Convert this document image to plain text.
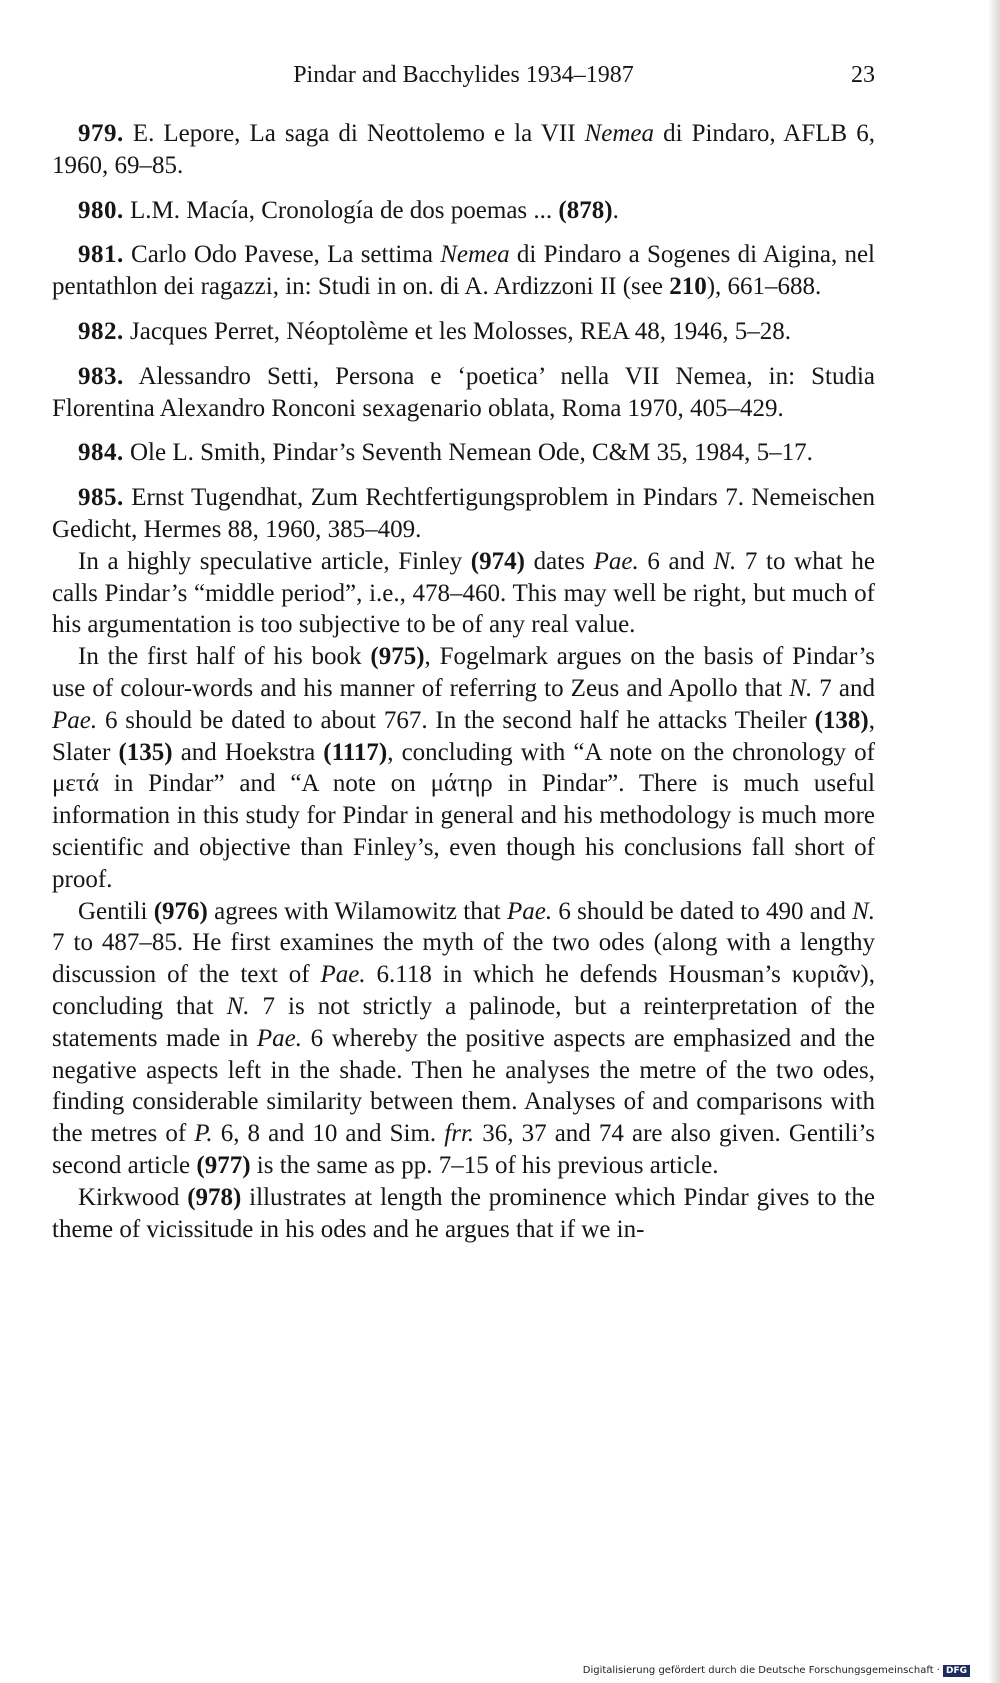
Pindar and Bacchylides 1934–1987	23

979. E. Lepore, La saga di Neottolemo e la VII Nemea di Pindaro, AFLB 6, 1960, 69–85.

980. L.M. Macía, Cronología de dos poemas ... (878).

981. Carlo Odo Pavese, La settima Nemea di Pindaro a Sogenes di Aigina, nel pentathlon dei ragazzi, in: Studi in on. di A. Ardizzoni II (see 210), 661–688.

982. Jacques Perret, Néoptolème et les Molosses, REA 48, 1946, 5–28.

983. Alessandro Setti, Persona e ‘poetica’ nella VII Nemea, in: Studia Florentina Alexandro Ronconi sexagenario oblata, Roma 1970, 405–429.

984. Ole L. Smith, Pindar’s Seventh Nemean Ode, C&M 35, 1984, 5–17.

985. Ernst Tugendhat, Zum Rechtfertigungsproblem in Pindars 7. Nemeischen Gedicht, Hermes 88, 1960, 385–409.

In a highly speculative article, Finley (974) dates Pae. 6 and N. 7 to what he calls Pindar’s “middle period”, i.e., 478–460. This may well be right, but much of his argumentation is too subjective to be of any real value.

In the first half of his book (975), Fogelmark argues on the basis of Pindar’s use of colour-words and his manner of referring to Zeus and Apollo that N. 7 and Pae. 6 should be dated to about 767. In the second half he attacks Theiler (138), Slater (135) and Hoekstra (1117), concluding with “A note on the chronology of μετά in Pindar” and “A note on μάτηρ in Pindar”. There is much useful information in this study for Pindar in general and his methodology is much more scientific and objective than Finley’s, even though his conclusions fall short of proof.

Gentili (976) agrees with Wilamowitz that Pae. 6 should be dated to 490 and N. 7 to 487–85. He first examines the myth of the two odes (along with a lengthy discussion of the text of Pae. 6.118 in which he defends Housman’s κυριᾶν), concluding that N. 7 is not strictly a palinode, but a reinterpretation of the statements made in Pae. 6 whereby the positive aspects are emphasized and the negative aspects left in the shade. Then he analyses the metre of the two odes, finding considerable similarity between them. Analyses of and comparisons with the metres of P. 6, 8 and 10 and Sim. frr. 36, 37 and 74 are also given. Gentili’s second article (977) is the same as pp. 7–15 of his previous article.

Kirkwood (978) illustrates at length the prominence which Pindar gives to the theme of vicissitude in his odes and he argues that if we in-

Digitalisierung gefördert durch die Deutsche Forschungsgemeinschaft · DFG
